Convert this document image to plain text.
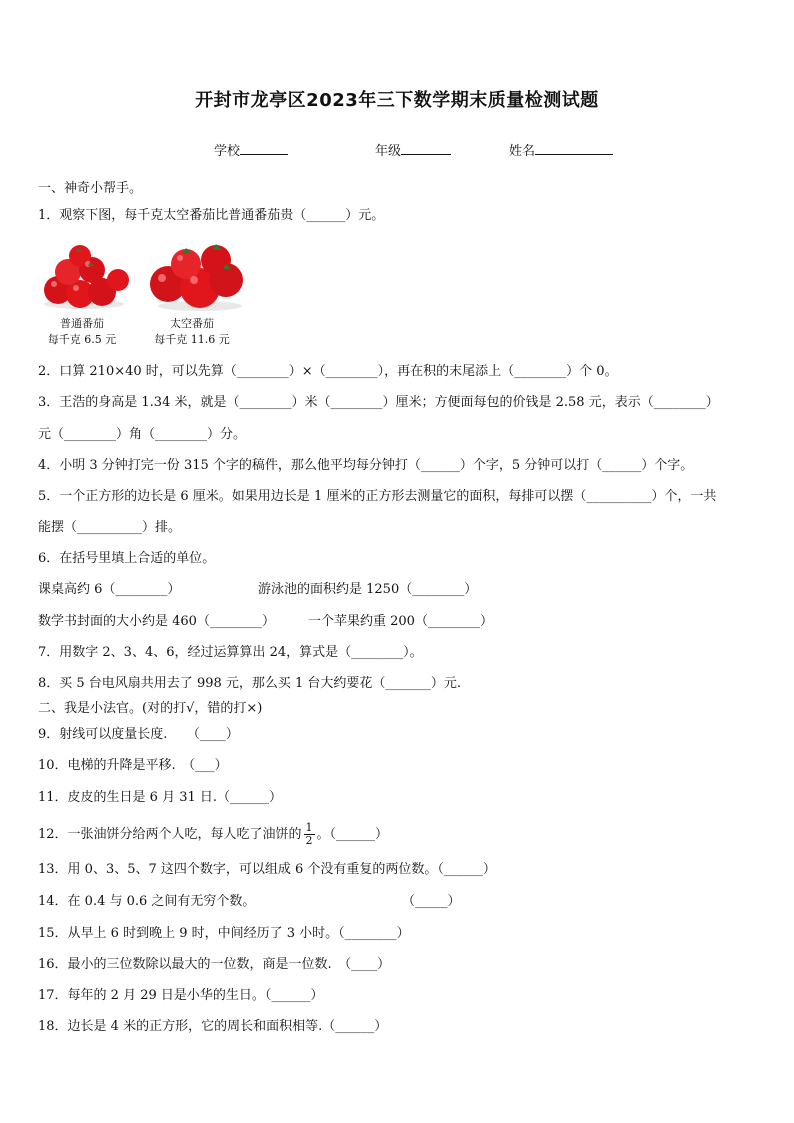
开封市龙亭区2023年三下数学期末质量检测试题
学校	年级	姓名
一、神奇小帮手。
1．观察下图，每千克太空番茄比普通番茄贵（______）元。
普通番茄
每千克 6.5 元
太空番茄
每千克 11.6 元
2．口算 210×40 时，可以先算（________）×（________），再在积的末尾添上（________）个 0。
3．王浩的身高是 1.34 米，就是（________）米（________）厘米；方便面每包的价钱是 2.58 元，表示（________）
元（________）角（________）分。
4．小明 3 分钟打完一份 315 个字的稿件，那么他平均每分钟打（______）个字，5 分钟可以打（______）个字。
5．一个正方形的边长是 6 厘米。如果用边长是 1 厘米的正方形去测量它的面积，每排可以摆（__________）个，一共
能摆（__________）排。
6．在括号里填上合适的单位。
课桌高约 6（________）	游泳池的面积约是 1250（________）
数学书封面的大小约是 460（________）	一个苹果约重 200（________）
7．用数字 2、3、4、6，经过运算算出 24，算式是（________）。
8．买 5 台电风扇共用去了 998 元，那么买 1 台大约要花（_______）元.
二、我是小法官。(对的打√，错的打×)
9．射线可以度量长度.　　（____）
10．电梯的升降是平移.　（___）
11．皮皮的生日是 6 月 31 日.（______）
12．一张油饼分给两个人吃，每人吃了油饼的 $\frac{1}{2}$ 。（______）
13．用 0、3、5、7 这四个数字，可以组成 6 个没有重复的两位数。（______）
14．在 0.4 与 0.6 之间有无穷个数。	（_____）
15．从早上 6 时到晚上 9 时，中间经历了 3 小时。（________）
16．最小的三位数除以最大的一位数，商是一位数.　（____）
17．每年的 2 月 29 日是小华的生日。（______）
18．边长是 4 米的正方形，它的周长和面积相等.（______）
